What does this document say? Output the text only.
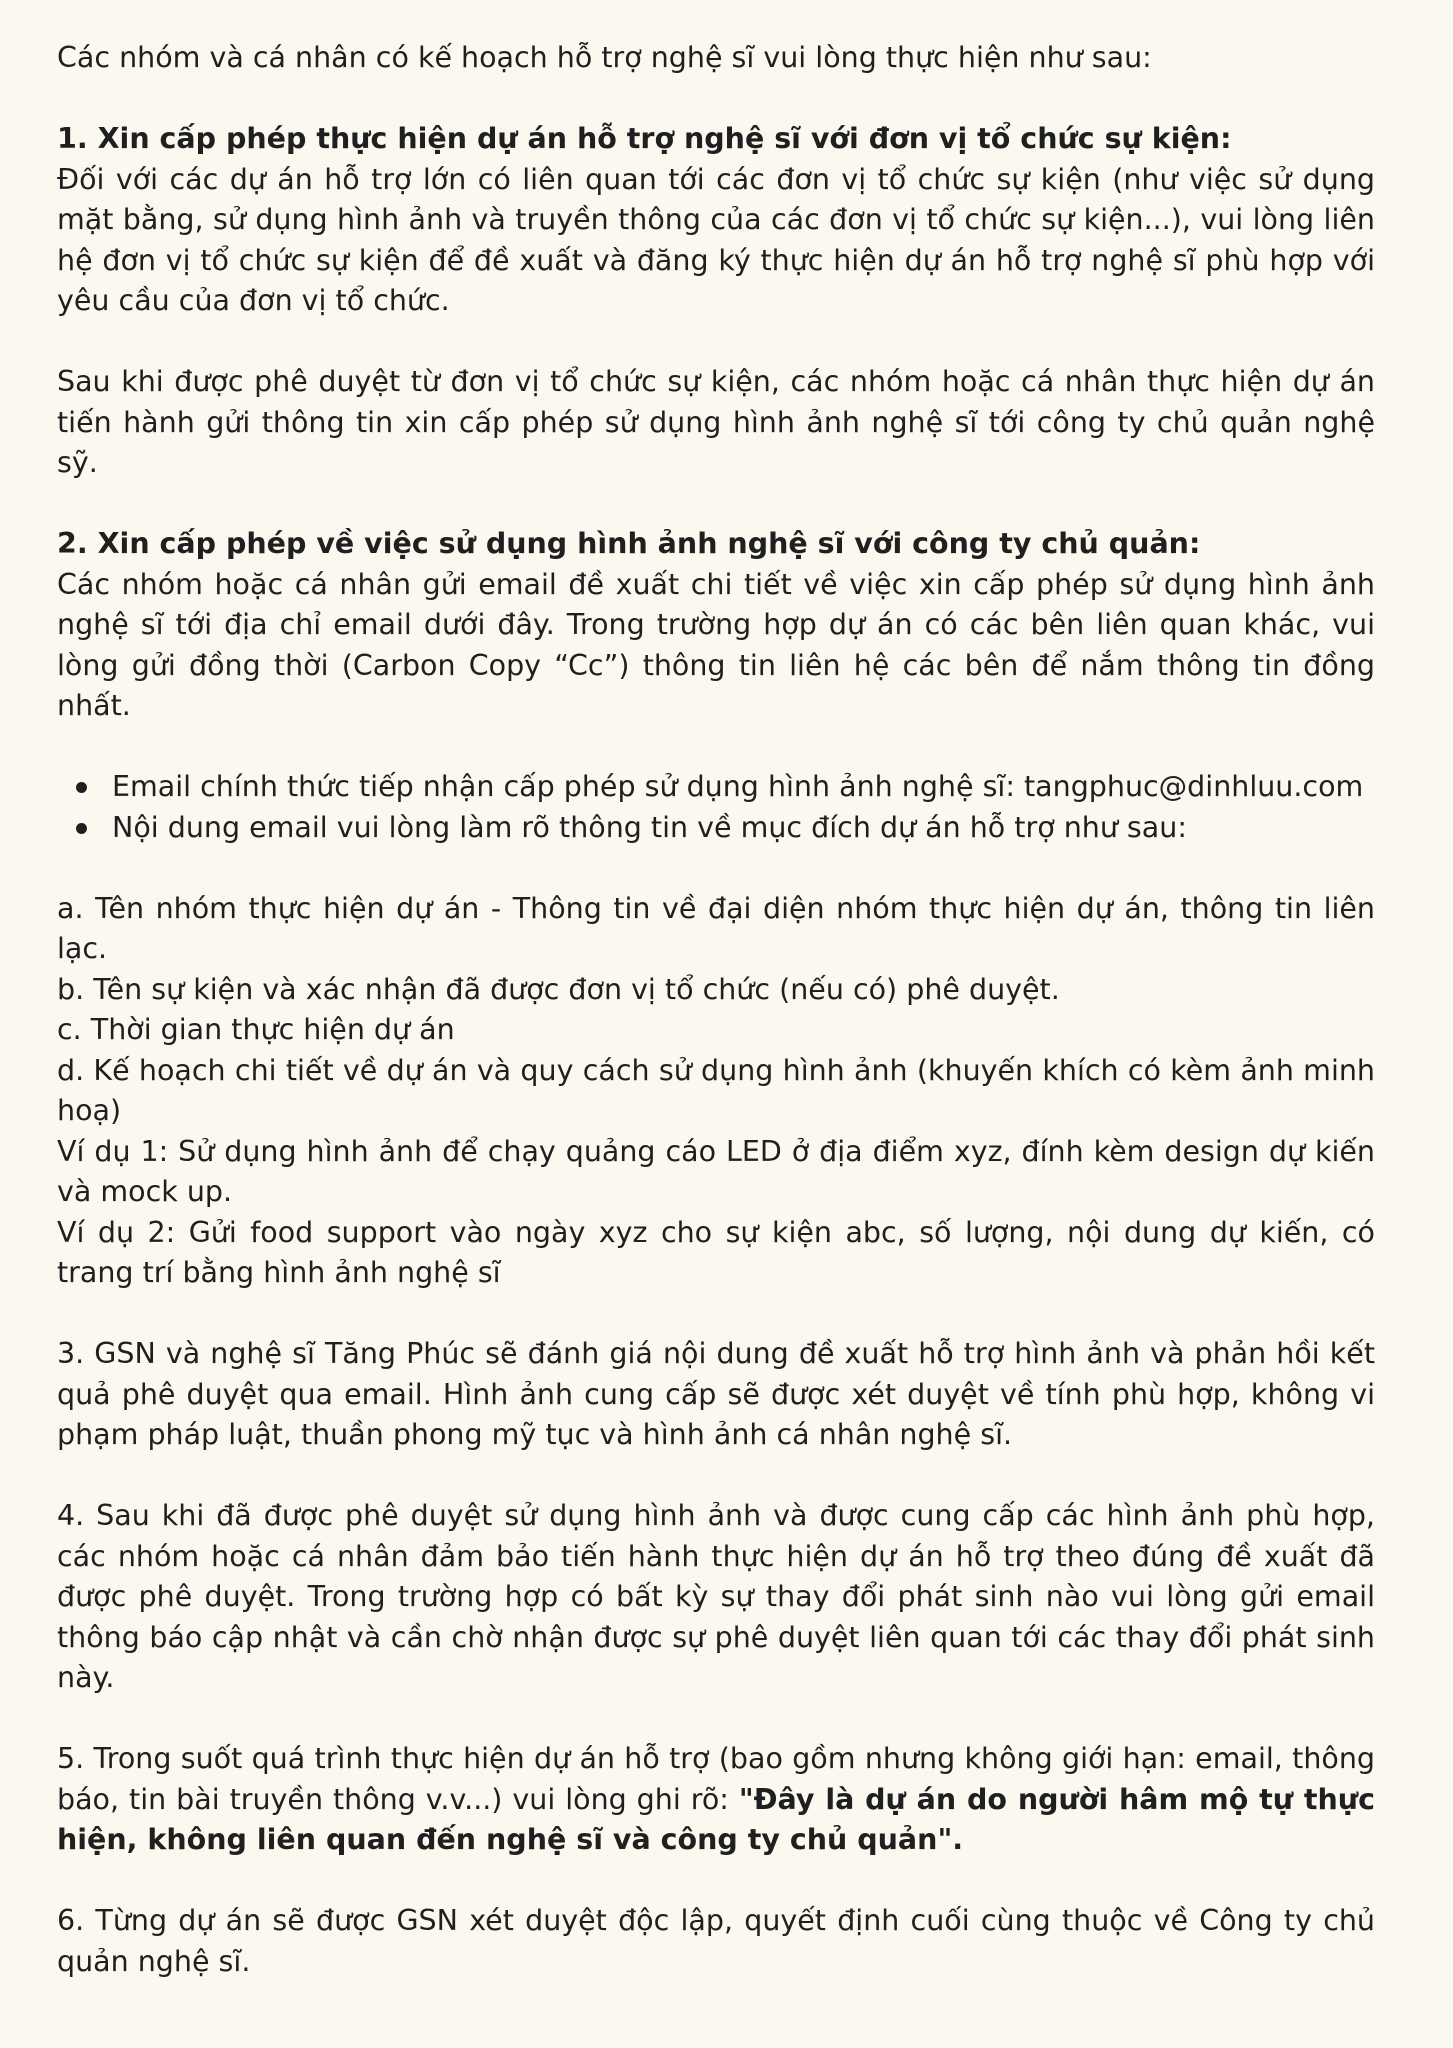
Các nhóm và cá nhân có kế hoạch hỗ trợ nghệ sĩ vui lòng thực hiện như sau:

1. Xin cấp phép thực hiện dự án hỗ trợ nghệ sĩ với đơn vị tổ chức sự kiện:

Đối với các dự án hỗ trợ lớn có liên quan tới các đơn vị tổ chức sự kiện (như việc sử dụng mặt bằng, sử dụng hình ảnh và truyền thông của các đơn vị tổ chức sự kiện...), vui lòng liên hệ đơn vị tổ chức sự kiện để đề xuất và đăng ký thực hiện dự án hỗ trợ nghệ sĩ phù hợp với yêu cầu của đơn vị tổ chức.

Sau khi được phê duyệt từ đơn vị tổ chức sự kiện, các nhóm hoặc cá nhân thực hiện dự án tiến hành gửi thông tin xin cấp phép sử dụng hình ảnh nghệ sĩ tới công ty chủ quản nghệ sỹ.

2. Xin cấp phép về việc sử dụng hình ảnh nghệ sĩ với công ty chủ quản:

Các nhóm hoặc cá nhân gửi email đề xuất chi tiết về việc xin cấp phép sử dụng hình ảnh nghệ sĩ tới địa chỉ email dưới đây. Trong trường hợp dự án có các bên liên quan khác, vui lòng gửi đồng thời (Carbon Copy “Cc”) thông tin liên hệ các bên để nắm thông tin đồng nhất.

Email chính thức tiếp nhận cấp phép sử dụng hình ảnh nghệ sĩ: tangphuc@dinhluu.com
Nội dung email vui lòng làm rõ thông tin về mục đích dự án hỗ trợ như sau:

a. Tên nhóm thực hiện dự án - Thông tin về đại diện nhóm thực hiện dự án, thông tin liên lạc.

b. Tên sự kiện và xác nhận đã được đơn vị tổ chức (nếu có) phê duyệt.

c. Thời gian thực hiện dự án

d. Kế hoạch chi tiết về dự án và quy cách sử dụng hình ảnh (khuyến khích có kèm ảnh minh hoạ)

Ví dụ 1: Sử dụng hình ảnh để chạy quảng cáo LED ở địa điểm xyz, đính kèm design dự kiến và mock up.

Ví dụ 2: Gửi food support vào ngày xyz cho sự kiện abc, số lượng, nội dung dự kiến, có trang trí bằng hình ảnh nghệ sĩ

3. GSN và nghệ sĩ Tăng Phúc sẽ đánh giá nội dung đề xuất hỗ trợ hình ảnh và phản hồi kết quả phê duyệt qua email. Hình ảnh cung cấp sẽ được xét duyệt về tính phù hợp, không vi phạm pháp luật, thuần phong mỹ tục và hình ảnh cá nhân nghệ sĩ.

4. Sau khi đã được phê duyệt sử dụng hình ảnh và được cung cấp các hình ảnh phù hợp, các nhóm hoặc cá nhân đảm bảo tiến hành thực hiện dự án hỗ trợ theo đúng đề xuất đã được phê duyệt. Trong trường hợp có bất kỳ sự thay đổi phát sinh nào vui lòng gửi email thông báo cập nhật và cần chờ nhận được sự phê duyệt liên quan tới các thay đổi phát sinh này.

5. Trong suốt quá trình thực hiện dự án hỗ trợ (bao gồm nhưng không giới hạn: email, thông báo, tin bài truyền thông v.v...) vui lòng ghi rõ: "Đây là dự án do người hâm mộ tự thực hiện, không liên quan đến nghệ sĩ và công ty chủ quản".

6. Từng dự án sẽ được GSN xét duyệt độc lập, quyết định cuối cùng thuộc về Công ty chủ quản nghệ sĩ.
